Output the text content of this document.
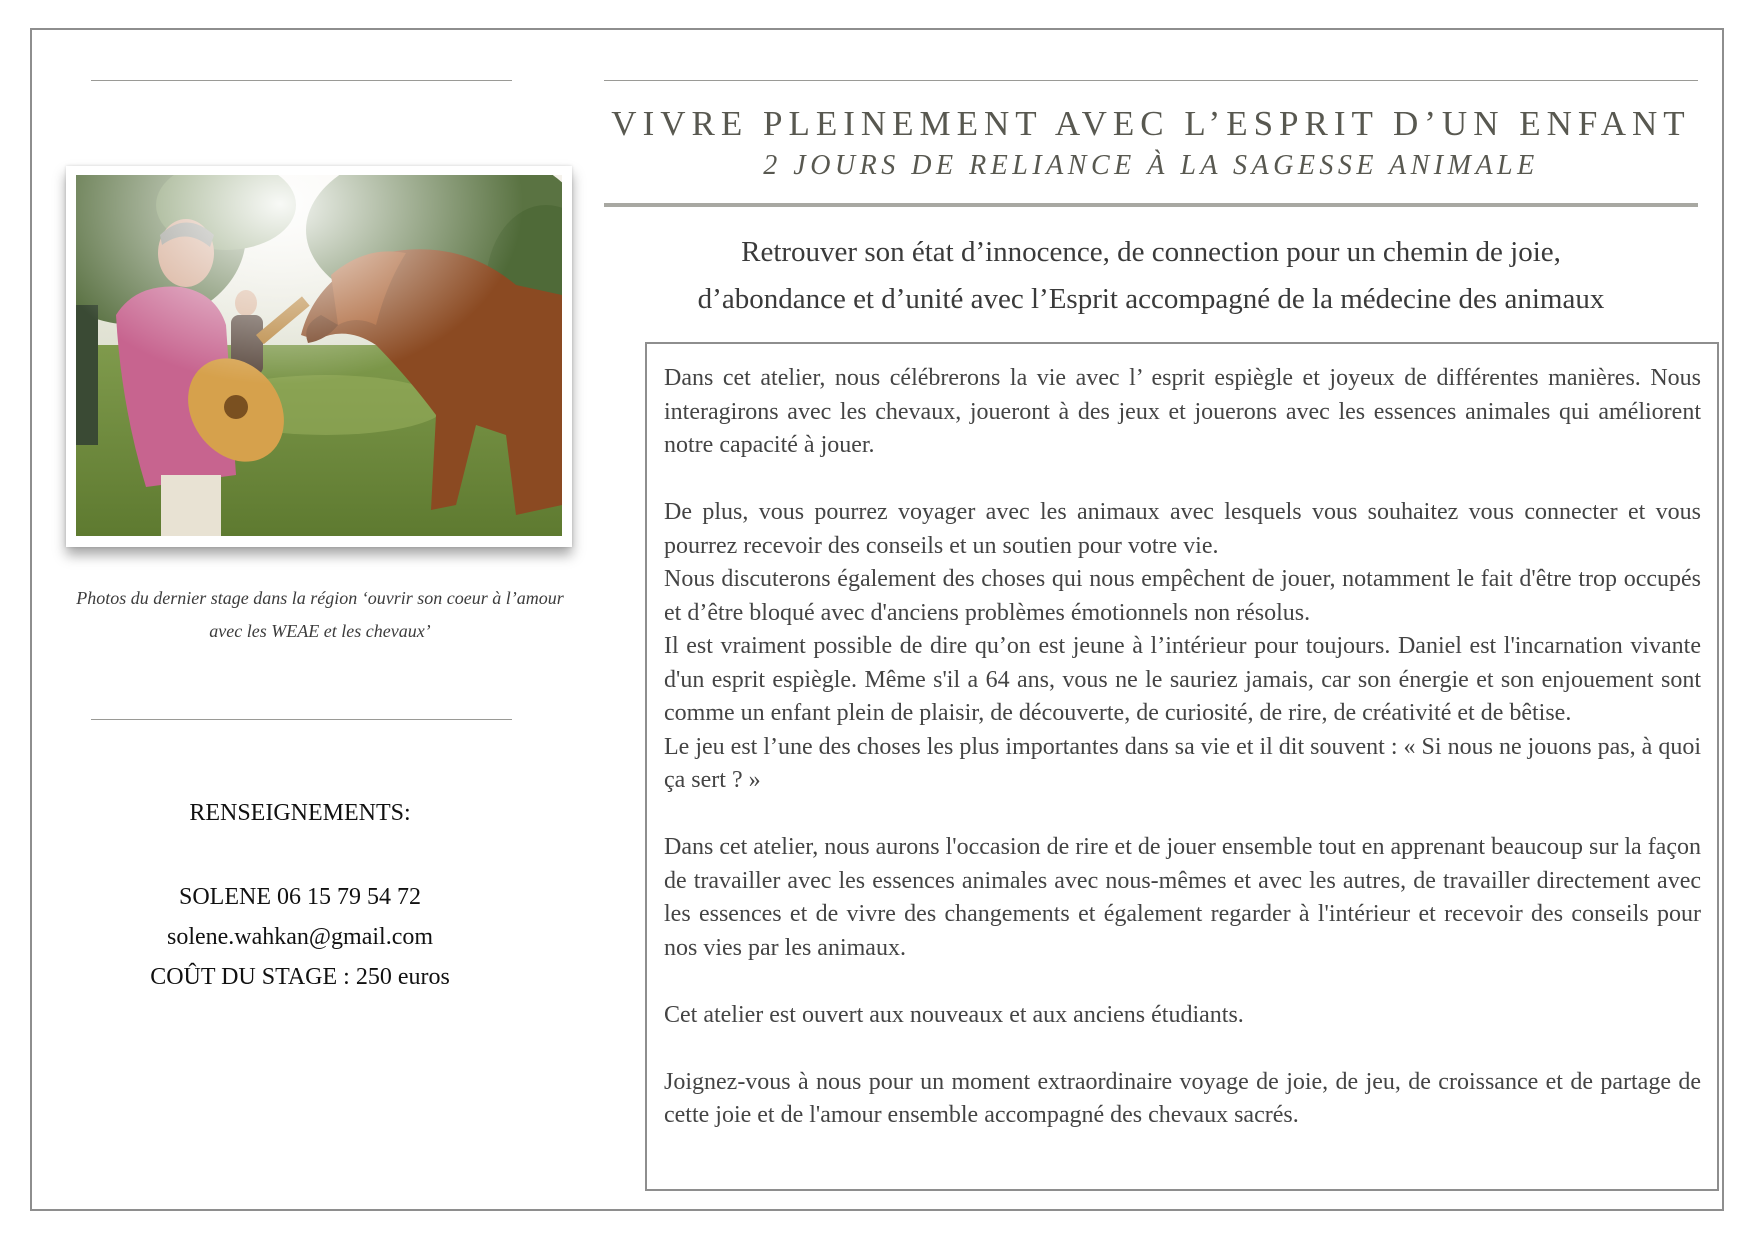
Photos du dernier stage dans la région ‘ouvrir son coeur à l’amour
avec les WEAE et les chevaux’
RENSEIGNEMENTS:
SOLENE 06 15 79 54 72
solene.wahkan@gmail.com
COÛT DU STAGE : 250 euros
VIVRE PLEINEMENT AVEC L’ESPRIT D’UN ENFANT
2 JOURS DE RELIANCE À LA SAGESSE ANIMALE
Retrouver son état d’innocence, de connection pour un chemin de joie,
d’abondance et d’unité avec l’Esprit accompagné de la médecine des animaux

Dans cet atelier, nous célébrerons la vie avec l’ esprit espiègle et joyeux de différentes manières. Nous interagirons avec les chevaux, joueront à des jeux et jouerons avec les essences animales qui améliorent notre capacité à jouer.

De plus, vous pourrez voyager avec les animaux avec lesquels vous souhaitez vous connecter et vous pourrez recevoir des conseils et un soutien pour votre vie.

Nous discuterons également des choses qui nous empêchent de jouer, notamment le fait d'être trop occupés et d’être bloqué avec d'anciens problèmes émotionnels non résolus.

Il est vraiment possible de dire qu’on est jeune à l’intérieur pour toujours. Daniel est l'incarnation vivante d'un esprit espiègle. Même s'il a 64 ans, vous ne le sauriez jamais, car son énergie et son enjouement sont comme un enfant plein de plaisir, de découverte, de curiosité, de rire, de créativité et de bêtise.

Le jeu est l’une des choses les plus importantes dans sa vie et il dit souvent : « Si nous ne jouons pas, à quoi ça sert ? »

Dans cet atelier, nous aurons l'occasion de rire et de jouer ensemble tout en apprenant beaucoup sur la façon de travailler avec les essences animales avec nous-mêmes et avec les autres, de travailler directement avec les essences et de vivre des changements et également regarder à l'intérieur et recevoir des conseils pour nos vies par les animaux.

Cet atelier est ouvert aux nouveaux et aux anciens étudiants.

Joignez-vous à nous pour un moment extraordinaire voyage de joie, de jeu, de croissance et de partage de cette joie et de l'amour ensemble accompagné des chevaux sacrés.
